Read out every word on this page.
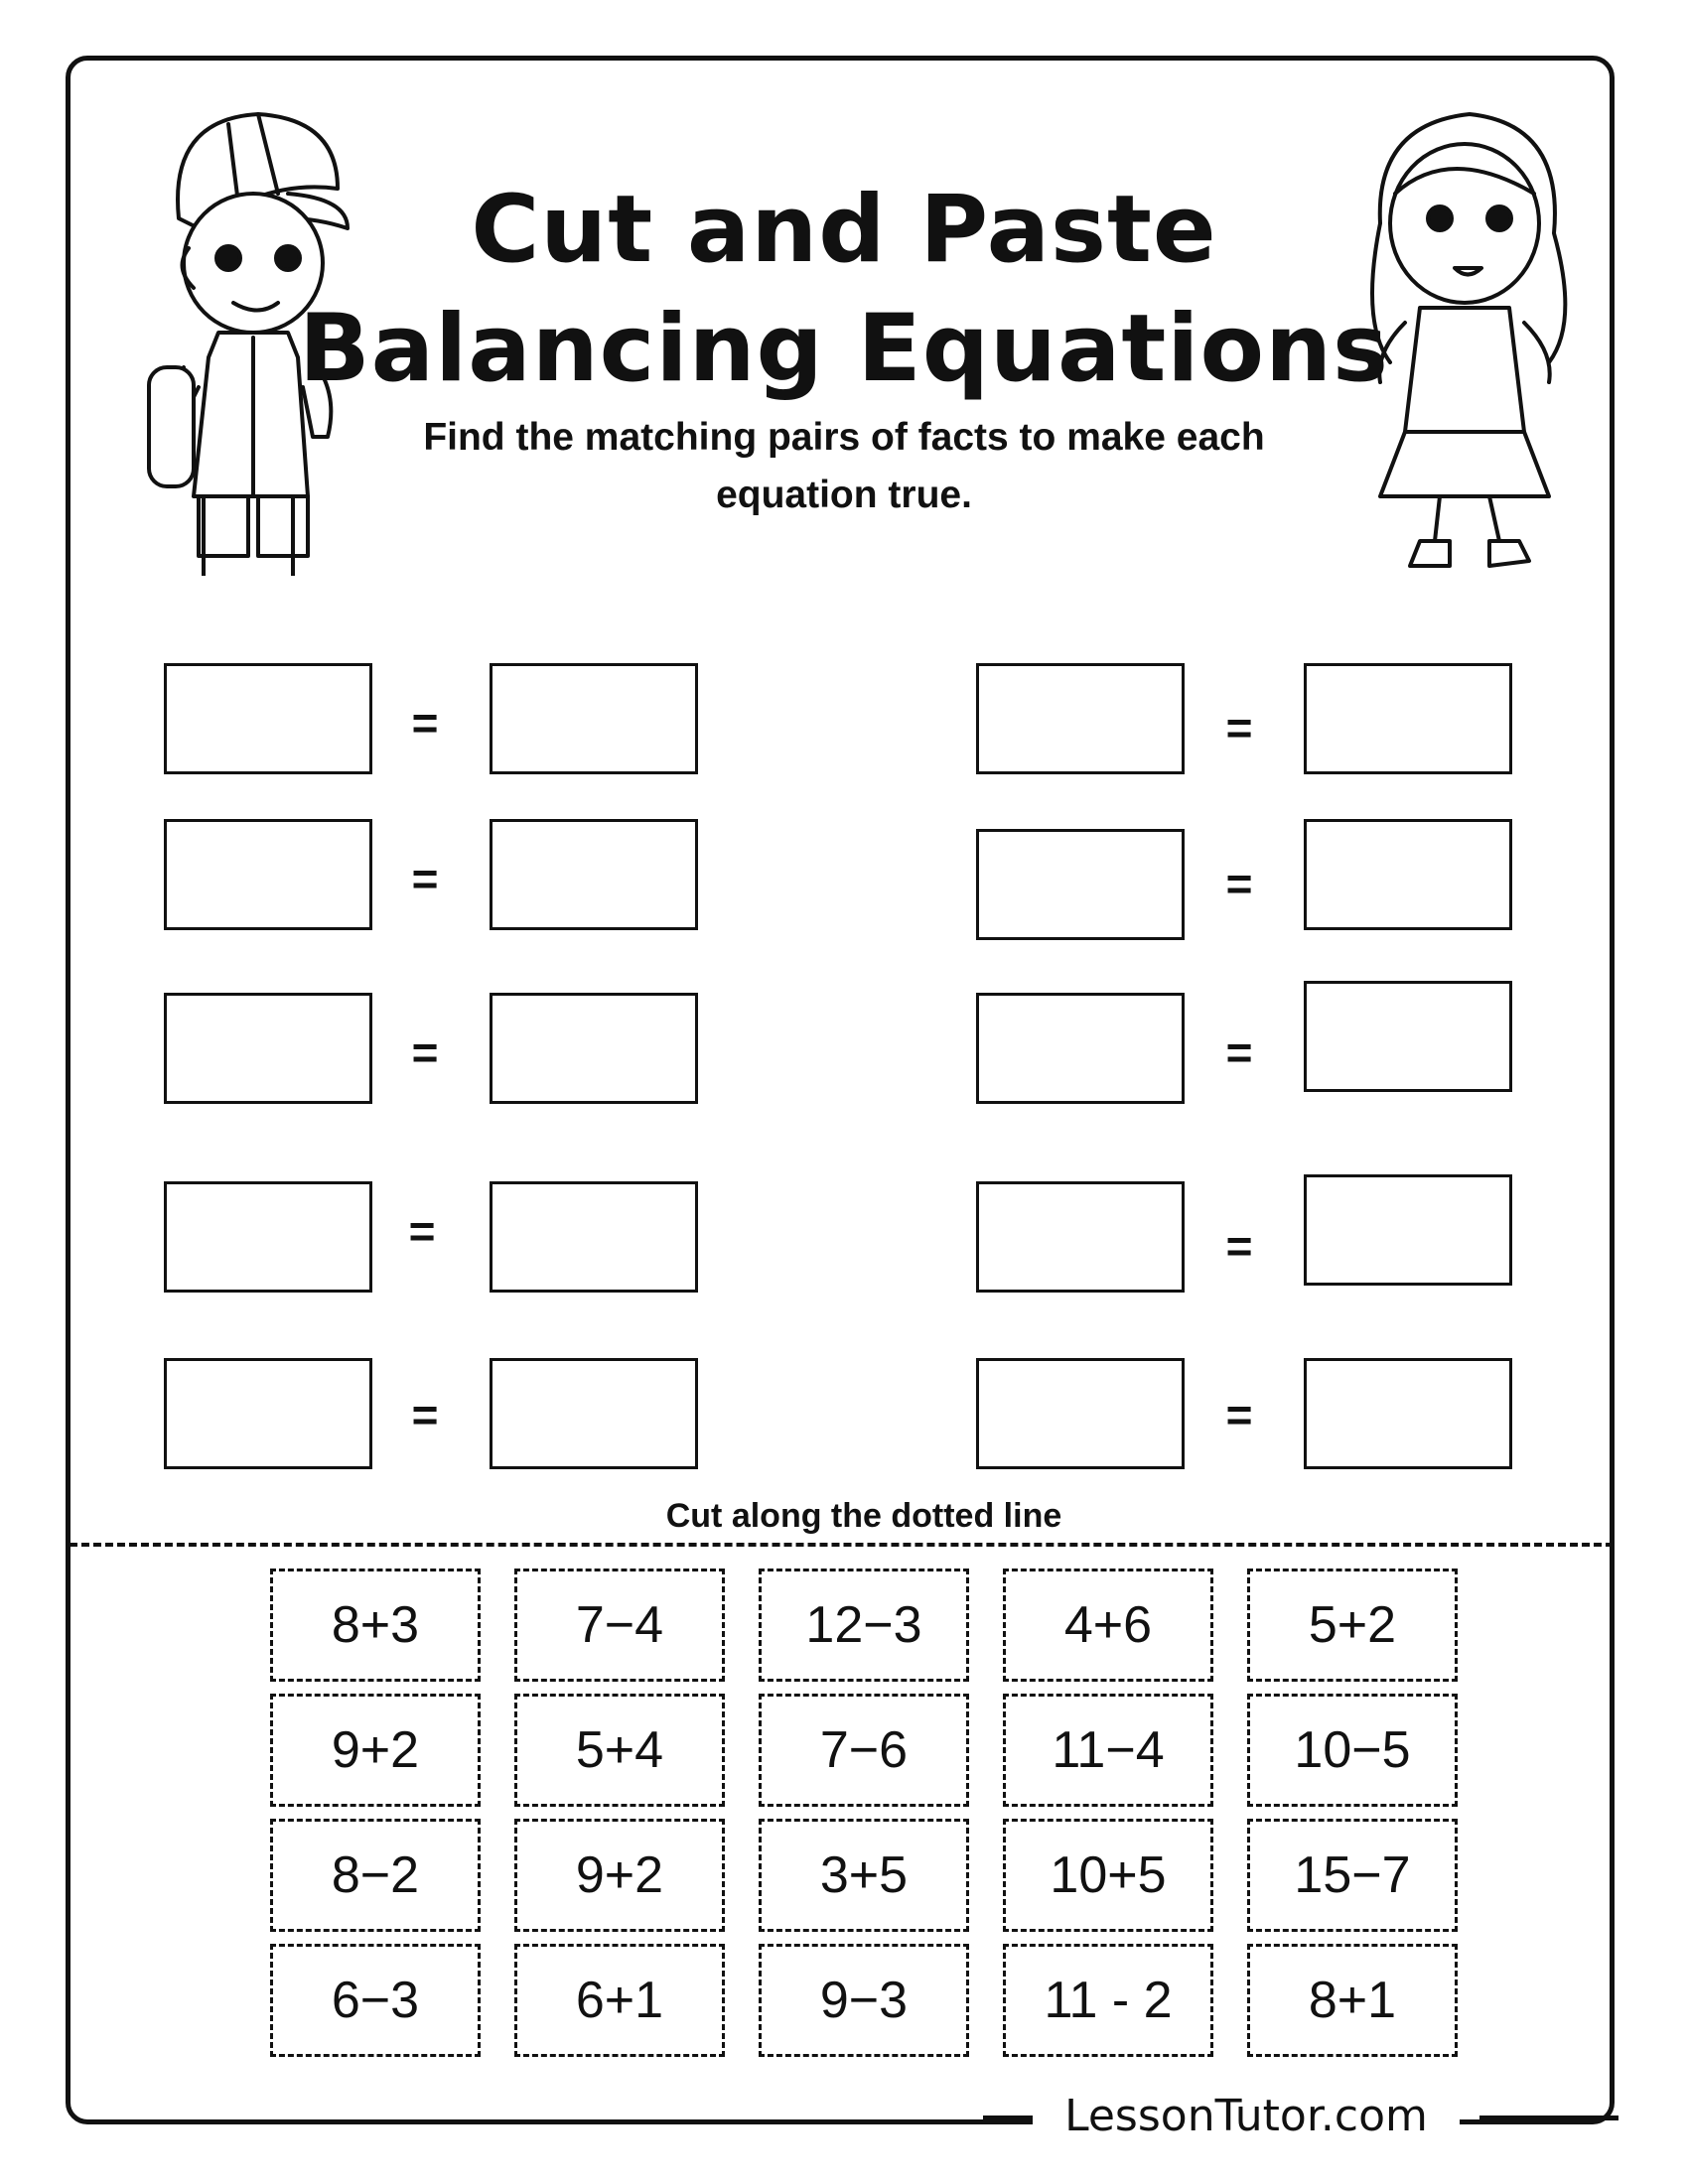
Cut and Paste
Balancing Equations

Find the matching pairs of facts to make each equation true.

=
=
=
=
=
=
=
=
=
=
Cut along the dotted line
8+3	7−4	12−3	4+6	5+2
9+2	5+4	7−6	11−4	10−5
8−2	9+2	3+5	10+5	15−7
6−3	6+1	9−3	11 - 2	8+1
LessonTutor.com
